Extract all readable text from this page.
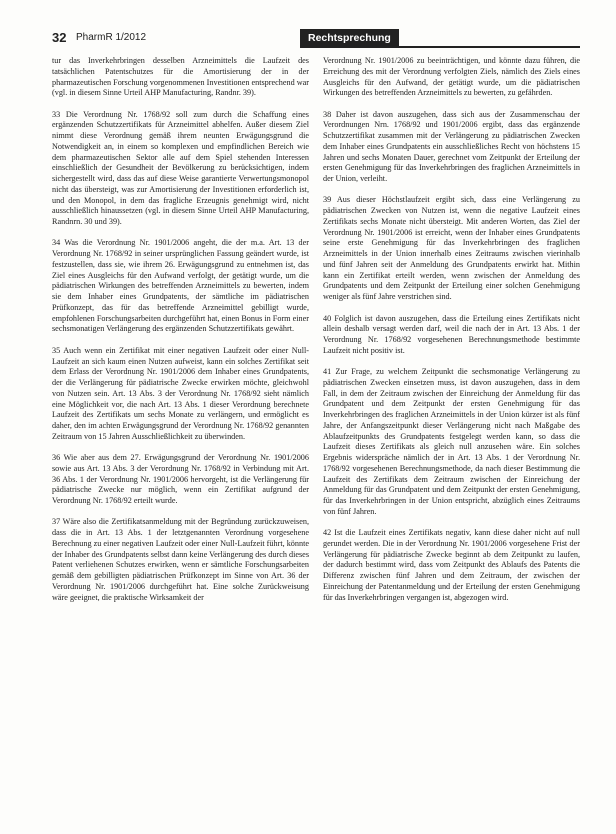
32 PharmR 1/2012	Rechtsprechung

tur das Inverkehrbringen desselben Arzneimittels die Laufzeit des tatsächlichen Patentschutzes für die Amortisierung der in der pharmazeutischen Forschung vorgenommenen Investitionen entsprechend war (vgl. in diesem Sinne Urteil AHP Manufacturing, Randnr. 39).

33 Die Verordnung Nr. 1768/92 soll zum durch die Schaffung eines ergänzenden Schutzzertifikats für Arzneimittel abhelfen. Außer diesem Ziel nimmt diese Verordnung gemäß ihrem neunten Erwägungsgrund die Notwendigkeit an, in einem so komplexen und empfindlichen Bereich wie dem pharmazeutischen Sektor alle auf dem Spiel stehenden Interessen einschließlich der Gesundheit der Bevölkerung zu berücksichtigen, indem sichergestellt wird, dass das auf diese Weise garantierte Verwertungsmonopol nicht das übersteigt, was zur Amortisierung der Investitionen erforderlich ist, und den Monopol, in dem das fragliche Erzeugnis genehmigt wird, nicht ausschließlich hinaussetzen (vgl. in diesem Sinne Urteil AHP Manufacturing, Randnrn. 30 und 39).

34 Was die Verordnung Nr. 1901/2006 angeht, die der m.a. Art. 13 der Verordnung Nr. 1768/92 in seiner ursprünglichen Fassung geändert wurde, ist festzustellen, dass sie, wie ihrem 26. Erwägungsgrund zu entnehmen ist, das Ziel eines Ausgleichs für den Aufwand verfolgt, der getätigt wurde, um die pädiatrischen Wirkungen des betreffenden Arzneimittels zu bewerten, indem sie dem Inhaber eines Grundpatents, der sämtliche im pädiatrischen Prüfkonzept, das für das betreffende Arzneimittel gebilligt wurde, empfohlenen Forschungsarbeiten durchgeführt hat, einen Bonus in Form einer sechsmonatigen Verlängerung des ergänzenden Schutzzertifikats gewährt.

35 Auch wenn ein Zertifikat mit einer negativen Laufzeit oder einer Null-Laufzeit an sich kaum einen Nutzen aufweist, kann ein solches Zertifikat seit dem Erlass der Verordnung Nr. 1901/2006 dem Inhaber eines Grundpatents, der die Verlängerung für pädiatrische Zwecke erwirken möchte, gleichwohl von Nutzen sein. Art. 13 Abs. 3 der Verordnung Nr. 1768/92 sieht nämlich eine Möglichkeit vor, die nach Art. 13 Abs. 1 dieser Verordnung berechnete Laufzeit des Zertifikats um sechs Monate zu verlängern, und ermöglicht es daher, den im achten Erwägungsgrund der Verordnung Nr. 1768/92 genannten Zeitraum von 15 Jahren Ausschließlichkeit zu überwinden.

36 Wie aber aus dem 27. Erwägungsgrund der Verordnung Nr. 1901/2006 sowie aus Art. 13 Abs. 3 der Verordnung Nr. 1768/92 in Verbindung mit Art. 36 Abs. 1 der Verordnung Nr. 1901/2006 hervorgeht, ist die Verlängerung für pädiatrische Zwecke nur möglich, wenn ein Zertifikat aufgrund der Verordnung Nr. 1768/92 erteilt wurde.

37 Wäre also die Zertifikatsanmeldung mit der Begründung zurückzuweisen, dass die in Art. 13 Abs. 1 der letztgenannten Verordnung vorgesehene Berechnung zu einer negativen Laufzeit oder einer Null-Laufzeit führt, könnte der Inhaber des Grundpatents selbst dann keine Verlängerung des durch dieses Patent verliehenen Schutzes erwirken, wenn er sämtliche Forschungsarbeiten gemäß dem gebilligten pädiatrischen Prüfkonzept im Sinne von Art. 36 der Verordnung Nr. 1901/2006 durchgeführt hat. Eine solche Zurückweisung wäre geeignet, die praktische Wirksamkeit der

Verordnung Nr. 1901/2006 zu beeinträchtigen, und könnte dazu führen, die Erreichung des mit der Verordnung verfolgten Ziels, nämlich des Ziels eines Ausgleichs für den Aufwand, der getätigt wurde, um die pädiatrischen Wirkungen des betreffenden Arzneimittels zu bewerten, zu gefährden.

38 Daher ist davon auszugehen, dass sich aus der Zusammenschau der Verordnungen Nrn. 1768/92 und 1901/2006 ergibt, dass das ergänzende Schutzzertifikat zusammen mit der Verlängerung zu pädiatrischen Zwecken dem Inhaber eines Grundpatents ein ausschließliches Recht von höchstens 15 Jahren und sechs Monaten Dauer, gerechnet vom Zeitpunkt der Erteilung der ersten Genehmigung für das Inverkehrbringen des fraglichen Arzneimittels in der Union, verleiht.

39 Aus dieser Höchstlaufzeit ergibt sich, dass eine Verlängerung zu pädiatrischen Zwecken von Nutzen ist, wenn die negative Laufzeit eines Zertifikats sechs Monate nicht übersteigt. Mit anderen Worten, das Ziel der Verordnung Nr. 1901/2006 ist erreicht, wenn der Inhaber eines Grundpatents seine erste Genehmigung für das Inverkehrbringen des fraglichen Arzneimittels in der Union innerhalb eines Zeitraums zwischen vierinhalb und fünf Jahren seit der Anmeldung des Grundpatents erwirkt hat. Mithin kann ein Zertifikat erteilt werden, wenn zwischen der Anmeldung des Grundpatents und dem Zeitpunkt der Erteilung einer solchen Genehmigung weniger als fünf Jahre verstrichen sind.

40 Folglich ist davon auszugehen, dass die Erteilung eines Zertifikats nicht allein deshalb versagt werden darf, weil die nach der in Art. 13 Abs. 1 der Verordnung Nr. 1768/92 vorgesehenen Berechnungsmethode bestimmte Laufzeit nicht positiv ist.

41 Zur Frage, zu welchem Zeitpunkt die sechsmonatige Verlängerung zu pädiatrischen Zwecken einsetzen muss, ist davon auszugehen, dass in dem Fall, in dem der Zeitraum zwischen der Einreichung der Anmeldung für das Grundpatent und dem Zeitpunkt der ersten Genehmigung für das Inverkehrbringen des fraglichen Arzneimittels in der Union kürzer ist als fünf Jahre, der Anfangszeitpunkt dieser Verlängerung nicht nach Maßgabe des Ablaufzeitpunkts des Grundpatents festgelegt werden kann, so dass die Laufzeit dieses Zertifikats als gleich null anzusehen wäre. Ein solches Ergebnis widerspräche nämlich der in Art. 13 Abs. 1 der Verordnung Nr. 1768/92 vorgesehenen Berechnungsmethode, da nach dieser Bestimmung die Laufzeit des Zertifikats dem Zeitraum zwischen der Einreichung der Anmeldung für das Grundpatent und dem Zeitpunkt der ersten Genehmigung, für das Inverkehrbringen in der Union entspricht, abzüglich eines Zeitraums von fünf Jahren.

42 Ist die Laufzeit eines Zertifikats negativ, kann diese daher nicht auf null gerundet werden. Die in der Verordnung Nr. 1901/2006 vorgesehene Frist der Verlängerung für pädiatrische Zwecke beginnt ab dem Zeitpunkt zu laufen, der dadurch bestimmt wird, dass vom Zeitpunkt des Ablaufs des Patents die Differenz zwischen fünf Jahren und dem Zeitraum, der zwischen der Einreichung der Patentanmeldung und der Erteilung der ersten Genehmigung für das Inverkehrbringen vergangen ist, abgezogen wird.
